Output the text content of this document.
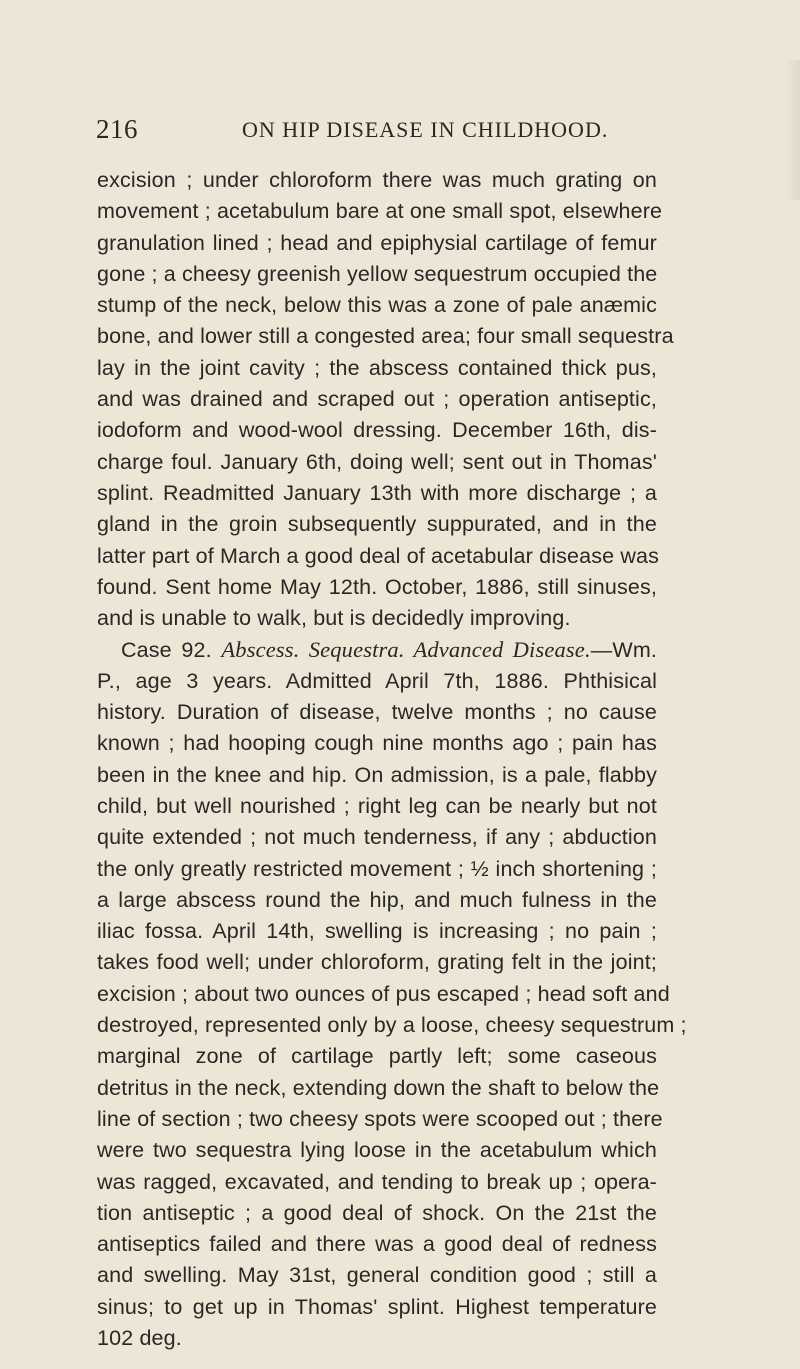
216	ON HIP DISEASE IN CHILDHOOD.
excision ; under chloroform there was much grating on
movement ; acetabulum bare at one small spot, elsewhere
granulation lined ; head and epiphysial cartilage of femur
gone ; a cheesy greenish yellow sequestrum occupied the
stump of the neck, below this was a zone of pale anæmic
bone, and lower still a congested area; four small sequestra
lay in the joint cavity ; the abscess contained thick pus,
and was drained and scraped out ; operation antiseptic,
iodoform and wood-wool dressing. December 16th, dis-
charge foul. January 6th, doing well; sent out in Thomas'
splint. Readmitted January 13th with more discharge ; a
gland in the groin subsequently suppurated, and in the
latter part of March a good deal of acetabular disease was
found. Sent home May 12th. October, 1886, still sinuses,
and is unable to walk, but is decidedly improving.
Case 92. Abscess. Sequestra. Advanced Disease.—Wm.
P., age 3 years. Admitted April 7th, 1886. Phthisical
history. Duration of disease, twelve months ; no cause
known ; had hooping cough nine months ago ; pain has
been in the knee and hip. On admission, is a pale, flabby
child, but well nourished ; right leg can be nearly but not
quite extended ; not much tenderness, if any ; abduction
the only greatly restricted movement ; ½ inch shortening ;
a large abscess round the hip, and much fulness in the
iliac fossa. April 14th, swelling is increasing ; no pain ;
takes food well; under chloroform, grating felt in the joint;
excision ; about two ounces of pus escaped ; head soft and
destroyed, represented only by a loose, cheesy sequestrum ;
marginal zone of cartilage partly left; some caseous
detritus in the neck, extending down the shaft to below the
line of section ; two cheesy spots were scooped out ; there
were two sequestra lying loose in the acetabulum which
was ragged, excavated, and tending to break up ; opera-
tion antiseptic ; a good deal of shock. On the 21st the
antiseptics failed and there was a good deal of redness
and swelling. May 31st, general condition good ; still a
sinus; to get up in Thomas' splint. Highest temperature
102 deg.
